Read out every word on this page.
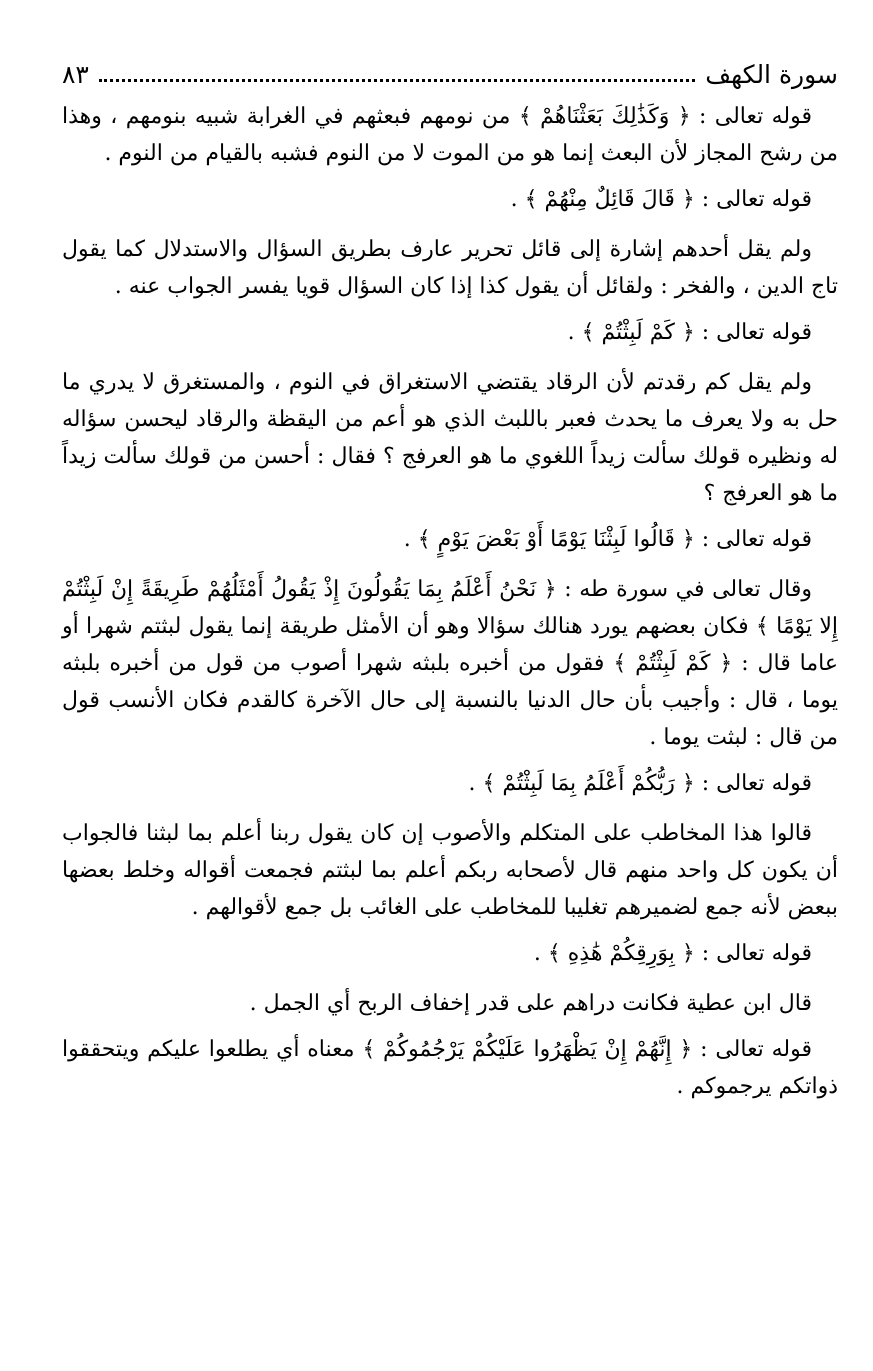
سورة الكهف
٨٣

قوله تعالى : ﴿ وَكَذَٰلِكَ بَعَثْنَاهُمْ ﴾ من نومهم فبعثهم في الغرابة شبيه بنومهم ، وهذا من رشح المجاز لأن البعث إنما هو من الموت لا من النوم فشبه بالقيام من النوم .

قوله تعالى : ﴿ قَالَ قَائِلٌ مِنْهُمْ ﴾ .

ولم يقل أحدهم إشارة إلى قائل تحرير عارف بطريق السؤال والاستدلال كما يقول تاج الدين ، والفخر : ولقائل أن يقول كذا إذا كان السؤال قويا يفسر الجواب عنه .

قوله تعالى : ﴿ كَمْ لَبِثْتُمْ ﴾ .

ولم يقل كم رقدتم لأن الرقاد يقتضي الاستغراق في النوم ، والمستغرق لا يدري ما حل به ولا يعرف ما يحدث فعبر باللبث الذي هو أعم من اليقظة والرقاد ليحسن سؤاله له ونظيره قولك سألت زيداً اللغوي ما هو العرفج ؟ فقال : أحسن من قولك سألت زيداً ما هو العرفج ؟

قوله تعالى : ﴿ قَالُوا لَبِثْنَا يَوْمًا أَوْ بَعْضَ يَوْمٍ ﴾ .

وقال تعالى في سورة طه : ﴿ نَحْنُ أَعْلَمُ بِمَا يَقُولُونَ إِذْ يَقُولُ أَمْثَلُهُمْ طَرِيقَةً إِنْ لَبِثْتُمْ إِلا يَوْمًا ﴾ فكان بعضهم يورد هنالك سؤالا وهو أن الأمثل طريقة إنما يقول لبثتم شهرا أو عاما قال : ﴿ كَمْ لَبِثْتُمْ ﴾ فقول من أخبره بلبثه شهرا أصوب من قول من أخبره بلبثه يوما ، قال : وأجيب بأن حال الدنيا بالنسبة إلى حال الآخرة كالقدم فكان الأنسب قول من قال : لبثت يوما .

قوله تعالى : ﴿ رَبُّكُمْ أَعْلَمُ بِمَا لَبِثْتُمْ ﴾ .

قالوا هذا المخاطب على المتكلم والأصوب إن كان يقول ربنا أعلم بما لبثنا فالجواب أن يكون كل واحد منهم قال لأصحابه ربكم أعلم بما لبثتم فجمعت أقواله وخلط بعضها ببعض لأنه جمع لضميرهم تغليبا للمخاطب على الغائب بل جمع لأقوالهم .

قوله تعالى : ﴿ بِوَرِقِكُمْ هَٰذِهِ ﴾ .

قال ابن عطية فكانت دراهم على قدر إخفاف الربح أي الجمل .

قوله تعالى : ﴿ إِنَّهُمْ إِنْ يَظْهَرُوا عَلَيْكُمْ يَرْجُمُوكُمْ ﴾ معناه أي يطلعوا عليكم ويتحققوا ذواتكم يرجموكم .
